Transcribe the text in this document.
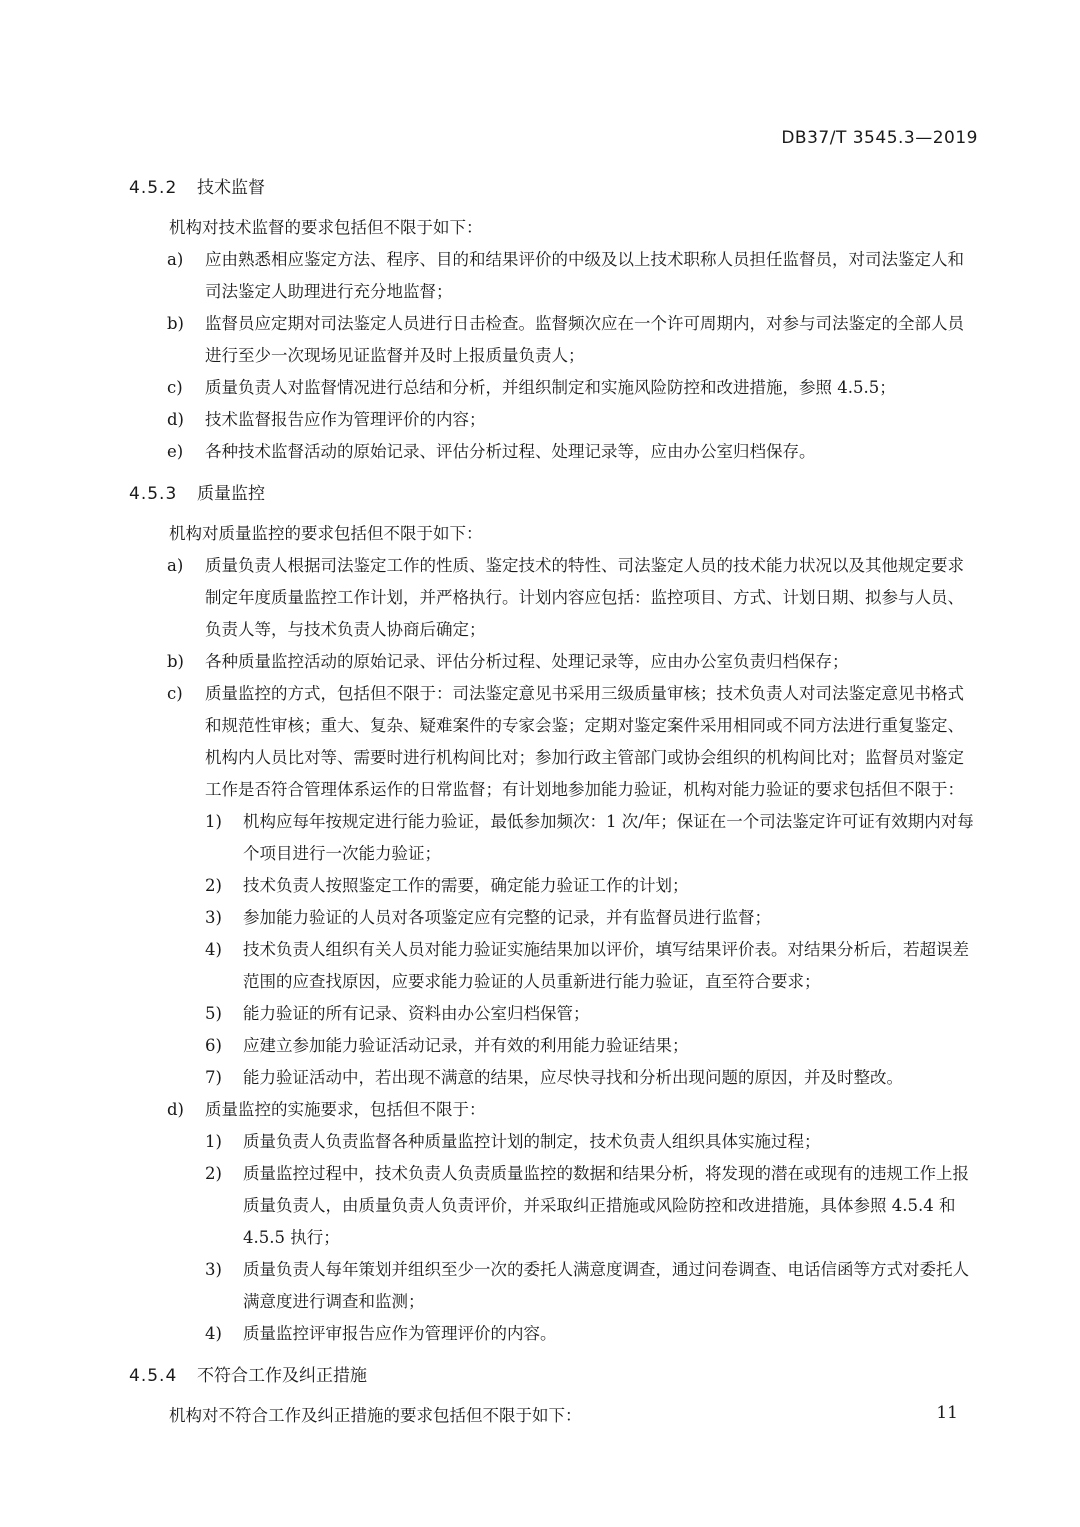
DB37/T 3545.3—2019
4.5.2 技术监督

机构对技术监督的要求包括但不限于如下：

a) 应由熟悉相应鉴定方法、程序、目的和结果评价的中级及以上技术职称人员担任监督员，对司法鉴定人和司法鉴定人助理进行充分地监督；

b) 监督员应定期对司法鉴定人员进行日击检查。监督频次应在一个许可周期内，对参与司法鉴定的全部人员进行至少一次现场见证监督并及时上报质量负责人；

c) 质量负责人对监督情况进行总结和分析，并组织制定和实施风险防控和改进措施，参照 4.5.5；

d) 技术监督报告应作为管理评价的内容；

e) 各种技术监督活动的原始记录、评估分析过程、处理记录等，应由办公室归档保存。

4.5.3 质量监控

机构对质量监控的要求包括但不限于如下：

a) 质量负责人根据司法鉴定工作的性质、鉴定技术的特性、司法鉴定人员的技术能力状况以及其他规定要求制定年度质量监控工作计划，并严格执行。计划内容应包括：监控项目、方式、计划日期、拟参与人员、负责人等，与技术负责人协商后确定；

b) 各种质量监控活动的原始记录、评估分析过程、处理记录等，应由办公室负责归档保存；

c) 质量监控的方式，包括但不限于：司法鉴定意见书采用三级质量审核；技术负责人对司法鉴定意见书格式和规范性审核；重大、复杂、疑难案件的专家会鉴；定期对鉴定案件采用相同或不同方法进行重复鉴定、机构内人员比对等、需要时进行机构间比对；参加行政主管部门或协会组织的机构间比对；监督员对鉴定工作是否符合管理体系运作的日常监督；有计划地参加能力验证，机构对能力验证的要求包括但不限于：

1) 机构应每年按规定进行能力验证，最低参加频次：1 次/年；保证在一个司法鉴定许可证有效期内对每个项目进行一次能力验证；

2) 技术负责人按照鉴定工作的需要，确定能力验证工作的计划；

3) 参加能力验证的人员对各项鉴定应有完整的记录，并有监督员进行监督；

4) 技术负责人组织有关人员对能力验证实施结果加以评价，填写结果评价表。对结果分析后，若超误差范围的应查找原因，应要求能力验证的人员重新进行能力验证，直至符合要求；

5) 能力验证的所有记录、资料由办公室归档保管；

6) 应建立参加能力验证活动记录，并有效的利用能力验证结果；

7) 能力验证活动中，若出现不满意的结果，应尽快寻找和分析出现问题的原因，并及时整改。

d) 质量监控的实施要求，包括但不限于：

1) 质量负责人负责监督各种质量监控计划的制定，技术负责人组织具体实施过程；

2) 质量监控过程中，技术负责人负责质量监控的数据和结果分析，将发现的潜在或现有的违规工作上报质量负责人，由质量负责人负责评价，并采取纠正措施或风险防控和改进措施，具体参照 4.5.4 和 4.5.5 执行；

3) 质量负责人每年策划并组织至少一次的委托人满意度调查，通过问卷调查、电话信函等方式对委托人满意度进行调查和监测；

4) 质量监控评审报告应作为管理评价的内容。

4.5.4 不符合工作及纠正措施

机构对不符合工作及纠正措施的要求包括但不限于如下：	11
